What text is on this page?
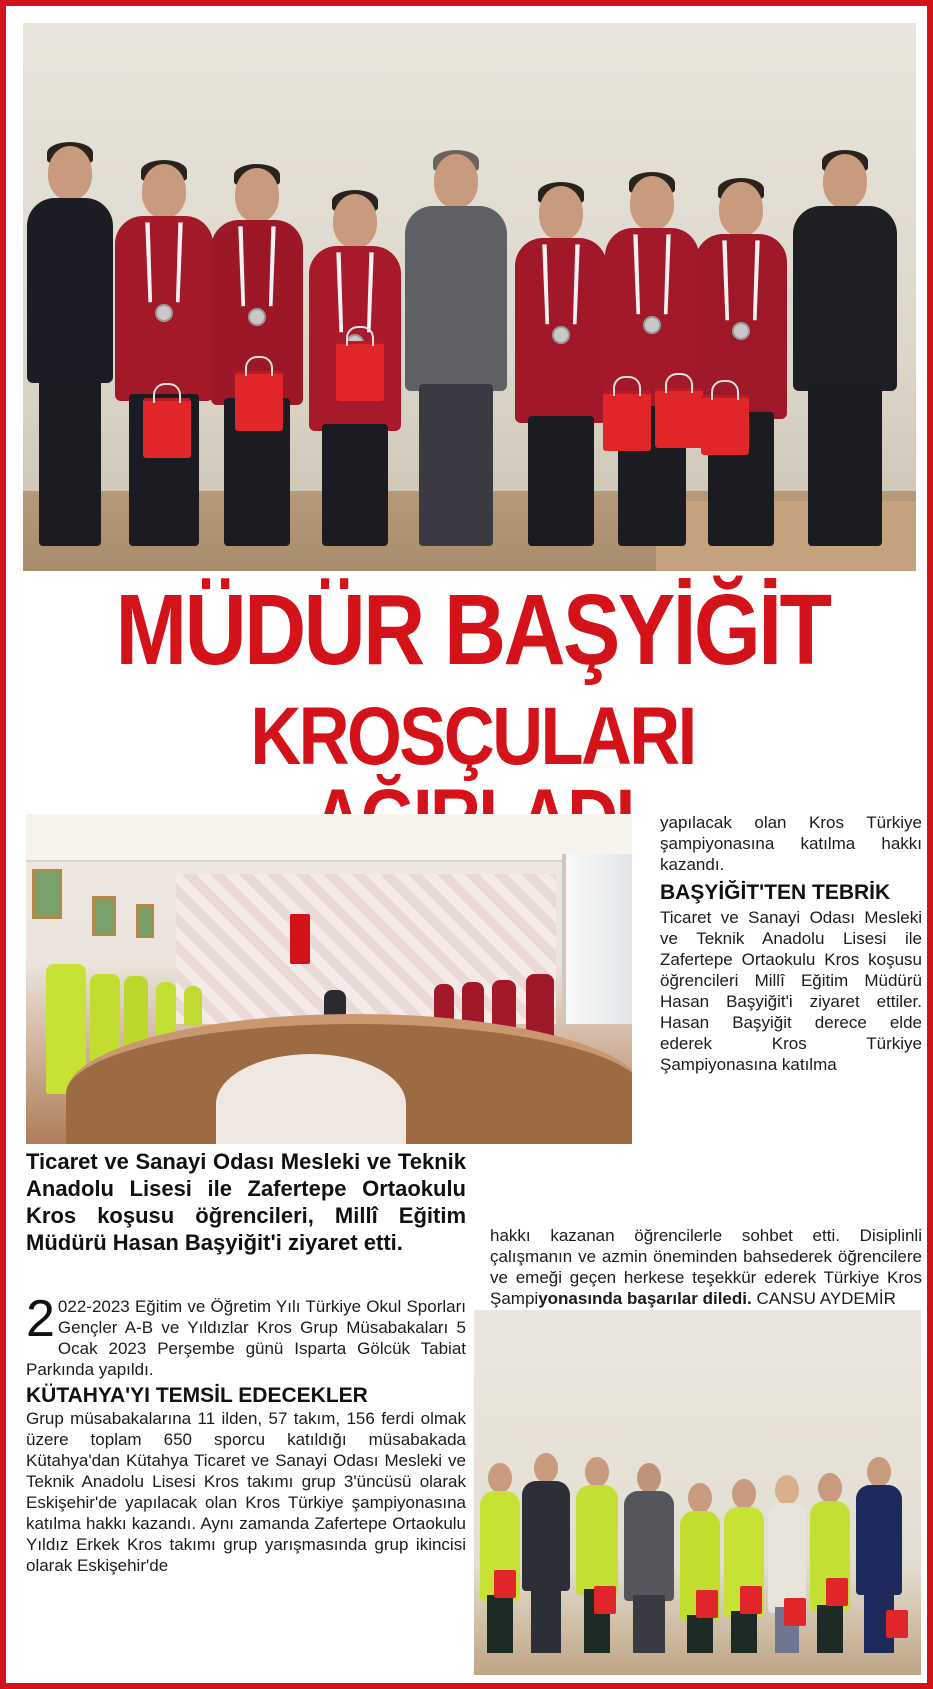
MÜDÜR BAŞYİĞİT
KROSÇULARI
Ticaret ve Sanayi Odası Mesleki ve Teknik Anadolu Lisesi ile Zafertepe Ortaokulu Kros koşusu öğrencileri, Millî Eğitim Müdürü Hasan Başyiğit'i ziyaret etti.

2 022-2023 Eğitim ve Öğretim Yılı Türkiye Okul Sporları Gençler A-B ve Yıldızlar Kros Grup Müsabakaları 5 Ocak 2023 Perşembe günü Isparta Gölcük Tabiat Parkında yapıldı.

KÜTAHYA'YI TEMSİL EDECEKLER

Grup müsabakalarına 11 ilden, 57 takım, 156 ferdi olmak üzere toplam 650 sporcu katıldığı müsabakada Kütahya'dan Kütahya Ticaret ve Sanayi Odası Mesleki ve Teknik Anadolu Lisesi Kros takımı grup 3'üncüsü olarak Eskişehir'de yapılacak olan Kros Türkiye şampiyonasına katılma hakkı kazandı. Aynı zamanda Zafertepe Ortaokulu Yıldız Erkek Kros takımı grup yarışmasında grup ikincisi olarak Eskişehir'de

yapılacak olan Kros Türkiye şampiyonasına katılma hakkı kazandı.

BAŞYİĞİT'TEN TEBRİK

Ticaret ve Sanayi Odası Mesleki ve Teknik Anadolu Lisesi ile Zafertepe Ortaokulu Kros koşusu öğrencileri Millî Eğitim Müdürü Hasan Başyiğit'i ziyaret ettiler. Hasan Başyiğit derece elde ederek Kros Türkiye Şampiyonasına katılma

hakkı kazanan öğrencilerle sohbet etti. Disiplinli çalışmanın ve azmin öneminden bahsederek öğrencilere ve emeği geçen herkese teşekkür ederek Türkiye Kros Şampiyonasında başarılar diledi. CANSU AYDEMİR
